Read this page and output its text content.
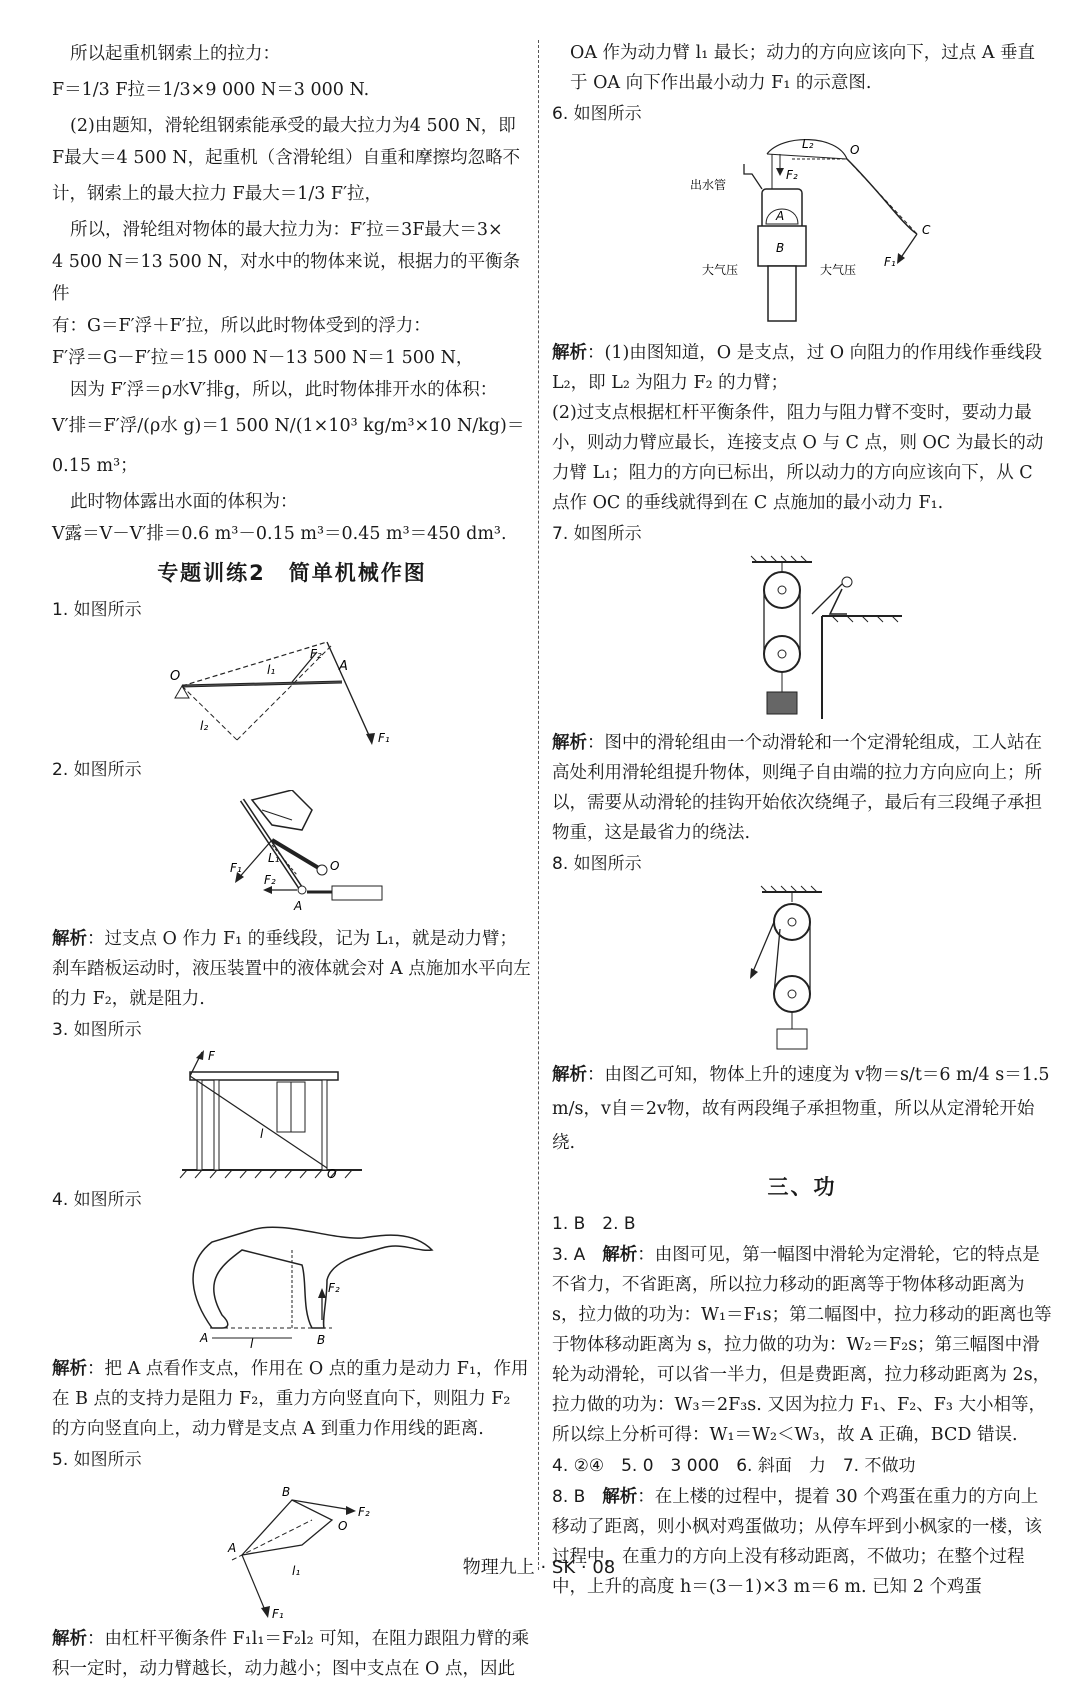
所以起重机钢索上的拉力：

F＝1/3 F拉＝1/3×9 000 N＝3 000 N.

(2)由题知，滑轮组钢索能承受的最大拉力为4 500 N，即

F最大＝4 500 N，起重机（含滑轮组）自重和摩擦均忽略不

计，钢索上的最大拉力 F最大＝1/3 F′拉，

所以，滑轮组对物体的最大拉力为：F′拉＝3F最大＝3×

4 500 N＝13 500 N，对水中的物体来说，根据力的平衡条件

有：G＝F′浮＋F′拉，所以此时物体受到的浮力：

F′浮＝G－F′拉＝15 000 N－13 500 N＝1 500 N，

因为 F′浮＝ρ水V′排g，所以，此时物体排开水的体积：

V′排＝F′浮/(ρ水 g)＝1 500 N/(1×10³ kg/m³×10 N/kg)＝0.15 m³；

此时物体露出水面的体积为：

V露＝V－V′排＝0.6 m³－0.15 m³＝0.45 m³＝450 dm³.

专题训练2　简单机械作图

1. 如图所示

O
A
l₁
l₂
F₁
F₂

2. 如图所示

F₁
F₂
L₁
O
A

解析：过支点 O 作力 F₁ 的垂线段，记为 L₁，就是动力臂；刹车踏板运动时，液压装置中的液体就会对 A 点施加水平向左的力 F₂，就是阻力.

3. 如图所示

F
l
O

4. 如图所示

A	B
l
F₂

解析：把 A 点看作支点，作用在 O 点的重力是动力 F₁，作用在 B 点的支持力是阻力 F₂，重力方向竖直向下，则阻力 F₂ 的方向竖直向上，动力臂是支点 A 到重力作用线的距离.

5. 如图所示

A
B
O
F₁
F₂
l₁

解析：由杠杆平衡条件 F₁l₁＝F₂l₂ 可知，在阻力跟阻力臂的乘积一定时，动力臂越长，动力越小；图中支点在 O 点，因此

OA 作为动力臂 l₁ 最长；动力的方向应该向下，过点 A 垂直于 OA 向下作出最小动力 F₁ 的示意图.

6. 如图所示

出水管
大气压	大气压
A
B
O
C
L₂
F₂
F₁

解析：(1)由图知道，O 是支点，过 O 向阻力的作用线作垂线段 L₂，即 L₂ 为阻力 F₂ 的力臂；

(2)过支点根据杠杆平衡条件，阻力与阻力臂不变时，要动力最小，则动力臂应最长，连接支点 O 与 C 点，则 OC 为最长的动力臂 L₁；阻力的方向已标出，所以动力的方向应该向下，从 C 点作 OC 的垂线就得到在 C 点施加的最小动力 F₁.

7. 如图所示

解析：图中的滑轮组由一个动滑轮和一个定滑轮组成，工人站在高处利用滑轮组提升物体，则绳子自由端的拉力方向应向上；所以，需要从动滑轮的挂钩开始依次绕绳子，最后有三段绳子承担物重，这是最省力的绕法.

8. 如图所示

解析：由图乙可知，物体上升的速度为 v物＝s/t＝6 m/4 s＝1.5 m/s，v自＝2v物，故有两段绳子承担物重，所以从定滑轮开始绕.

三、功

1. B　2. B

3. A　解析：由图可见，第一幅图中滑轮为定滑轮，它的特点是不省力，不省距离，所以拉力移动的距离等于物体移动距离为 s，拉力做的功为：W₁＝F₁s；第二幅图中，拉力移动的距离也等于物体移动距离为 s，拉力做的功为：W₂＝F₂s；第三幅图中滑轮为动滑轮，可以省一半力，但是费距离，拉力移动距离为 2s，拉力做的功为：W₃＝2F₃s. 又因为拉力 F₁、F₂、F₃ 大小相等，所以综上分析可得：W₁＝W₂＜W₃，故 A 正确，BCD 错误.

4. ②④　5. 0　3 000　6. 斜面　力　7. 不做功

8. B　解析：在上楼的过程中，提着 30 个鸡蛋在重力的方向上移动了距离，则小枫对鸡蛋做功；从停车坪到小枫家的一楼，该过程中，在重力的方向上没有移动距离，不做功；在整个过程中，上升的高度 h＝(3－1)×3 m＝6 m. 已知 2 个鸡蛋

物理九上 · SK · 08
